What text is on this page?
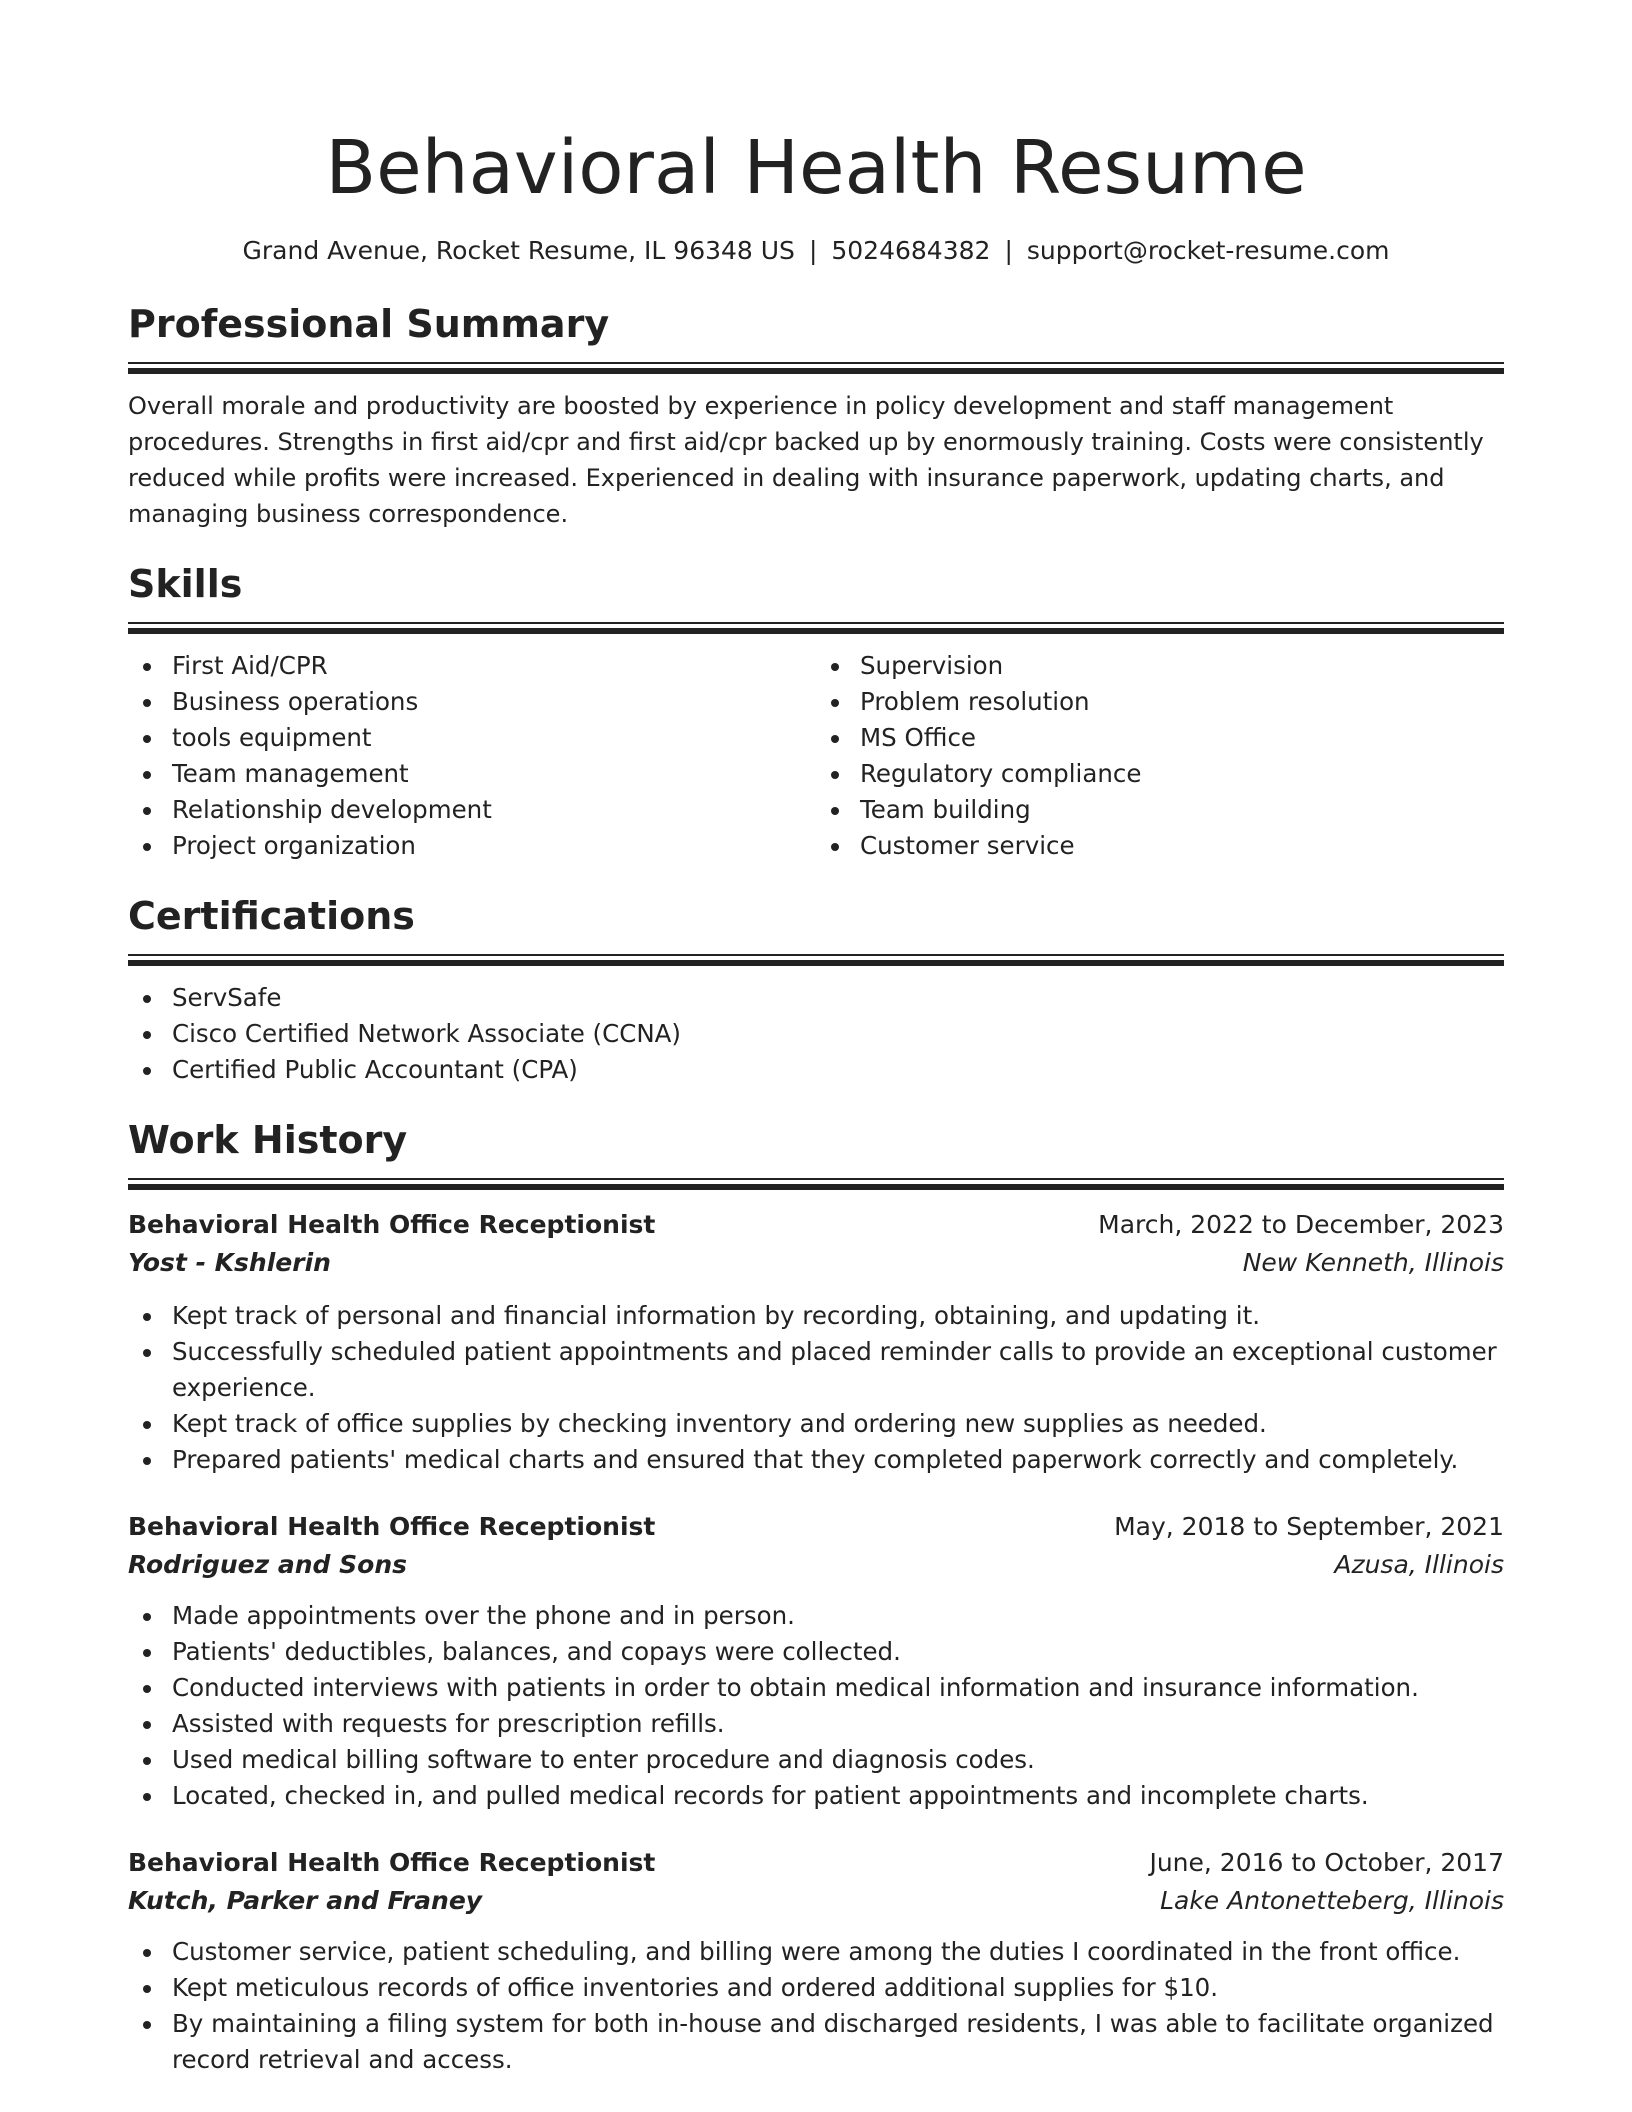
Behavioral Health Resume
Grand Avenue, Rocket Resume, IL 96348 US | 5024684382 | support@rocket-resume.com
Professional Summary

Overall morale and productivity are boosted by experience in policy development and staff management procedures. Strengths in first aid/cpr and first aid/cpr backed up by enormously training. Costs were consistently reduced while profits were increased. Experienced in dealing with insurance paperwork, updating charts, and managing business correspondence.

Skills
First Aid/CPR
Business operations
tools equipment
Team management
Relationship development
Project organization
Supervision
Problem resolution
MS Office
Regulatory compliance
Team building
Customer service
Certifications
ServSafe
Cisco Certified Network Associate (CCNA)
Certified Public Accountant (CPA)
Work History
Behavioral Health Office Receptionist	March, 2022 to December, 2023
Yost - Kshlerin	New Kenneth, Illinois
Kept track of personal and financial information by recording, obtaining, and updating it.
Successfully scheduled patient appointments and placed reminder calls to provide an exceptional customer experience.
Kept track of office supplies by checking inventory and ordering new supplies as needed.
Prepared patients' medical charts and ensured that they completed paperwork correctly and completely.
Behavioral Health Office Receptionist	May, 2018 to September, 2021
Rodriguez and Sons	Azusa, Illinois
Made appointments over the phone and in person.
Patients' deductibles, balances, and copays were collected.
Conducted interviews with patients in order to obtain medical information and insurance information.
Assisted with requests for prescription refills.
Used medical billing software to enter procedure and diagnosis codes.
Located, checked in, and pulled medical records for patient appointments and incomplete charts.
Behavioral Health Office Receptionist	June, 2016 to October, 2017
Kutch, Parker and Franey	Lake Antonetteberg, Illinois
Customer service, patient scheduling, and billing were among the duties I coordinated in the front office.
Kept meticulous records of office inventories and ordered additional supplies for $10.
By maintaining a filing system for both in-house and discharged residents, I was able to facilitate organized record retrieval and access.
